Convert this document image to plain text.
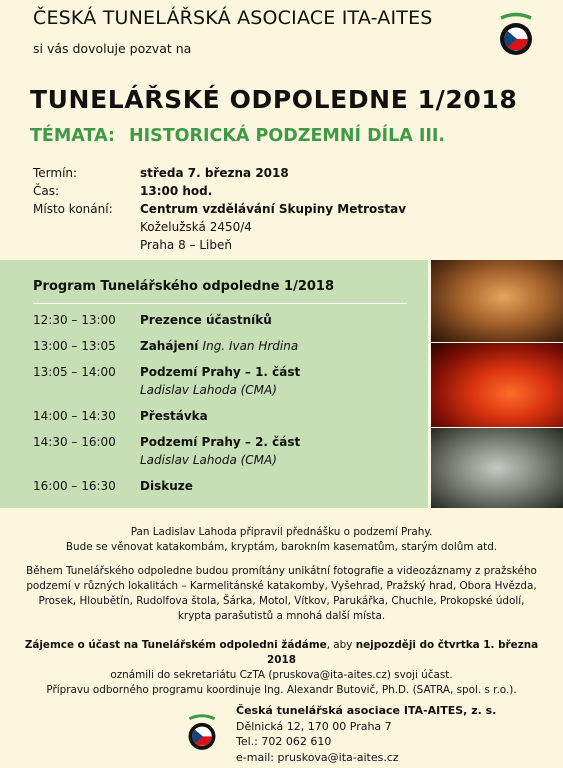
ČESKÁ TUNELÁŘSKÁ ASOCIACE ITA-AITES
si vás dovoluje pozvat na
TUNELÁŘSKÉ ODPOLEDNE 1/2018
TÉMATA: HISTORICKÁ PODZEMNÍ DÍLA III.
Termín:	středa 7. března 2018
Čas:	13:00 hod.
Místo konání: Centrum vzdělávání Skupiny Metrostav
Koželužská 2450/4
Praha 8 – Libeň
Program Tunelářského odpoledne 1/2018
12:30 – 13:00 Prezence účastníků
13:00 – 13:05 Zahájení Ing. Ivan Hrdina
13:05 – 14:00 Podzemí Prahy – 1. část
Ladislav Lahoda (CMA)
14:00 – 14:30 Přestávka
14:30 – 16:00 Podzemí Prahy – 2. část
Ladislav Lahoda (CMA)
16:00 – 16:30 Diskuze

Pan Ladislav Lahoda připravil přednášku o podzemí Prahy.

Bude se věnovat katakombám, kryptám, barokním kasematům, starým dolům atd.

Během Tunelářského odpoledne budou promítány unikátní fotografie a videozáznamy z pražského

podzemí v různých lokalitách – Karmelitánské katakomby, Vyšehrad, Pražský hrad, Obora Hvězda,

Prosek, Hloubětín, Rudolfova štola, Šárka, Motol, Vítkov, Parukářka, Chuchle, Prokopské údolí,

krypta parašutistů a mnohá další místa.

Zájemce o účast na Tunelářském odpoledni žádáme, aby nejpozději do čtvrtka 1. března 2018

oznámili do sekretariátu CzTA (pruskova@ita-aites.cz) svoji účast.

Přípravu odborného programu koordinuje Ing. Alexandr Butovič, Ph.D. (SATRA, spol. s r.o.).

Česká tunelářská asociace ITA-AITES, z. s.
Dělnická 12, 170 00 Praha 7
Tel.: 702 062 610
e-mail: pruskova@ita-aites.cz
